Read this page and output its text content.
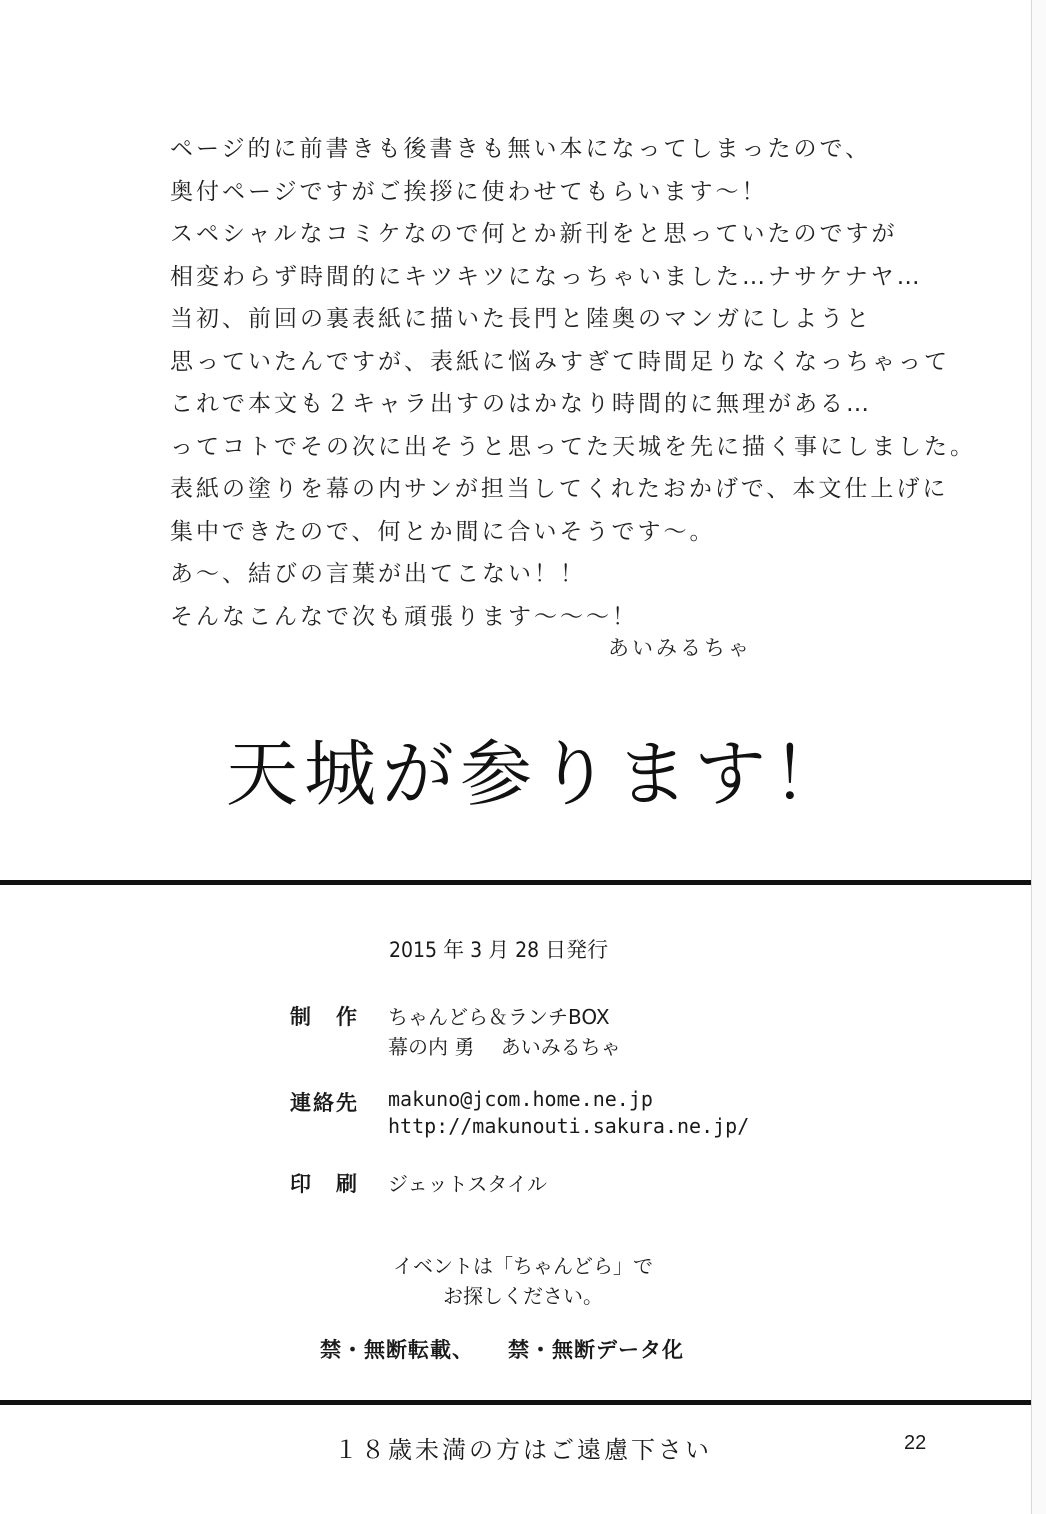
ページ的に前書きも後書きも無い本になってしまったので、
奥付ページですがご挨拶に使わせてもらいます～！
スペシャルなコミケなので何とか新刊をと思っていたのですが
相変わらず時間的にキツキツになっちゃいました…ナサケナヤ…
当初、前回の裏表紙に描いた長門と陸奥のマンガにしようと
思っていたんですが、表紙に悩みすぎて時間足りなくなっちゃって
これで本文も２キャラ出すのはかなり時間的に無理がある…
ってコトでその次に出そうと思ってた天城を先に描く事にしました。
表紙の塗りを幕の内サンが担当してくれたおかげで、本文仕上げに
集中できたので、何とか間に合いそうです～。
あ～、結びの言葉が出てこない！！
そんなこんなで次も頑張ります～～～！
あいみるちゃ
天城が参ります！
2015 年 3 月 28 日発行
制　作 ちゃんどら＆ランチBOX
幕の内 勇　 あいみるちゃ
連絡先 makuno@jcom.home.ne.jp
http://makunouti.sakura.ne.jp/
印　刷 ジェットスタイル
イベントは「ちゃんどら」で
お探しください。
禁・無断転載、 禁・無断データ化
１８歳未満の方はご遠慮下さい	22
